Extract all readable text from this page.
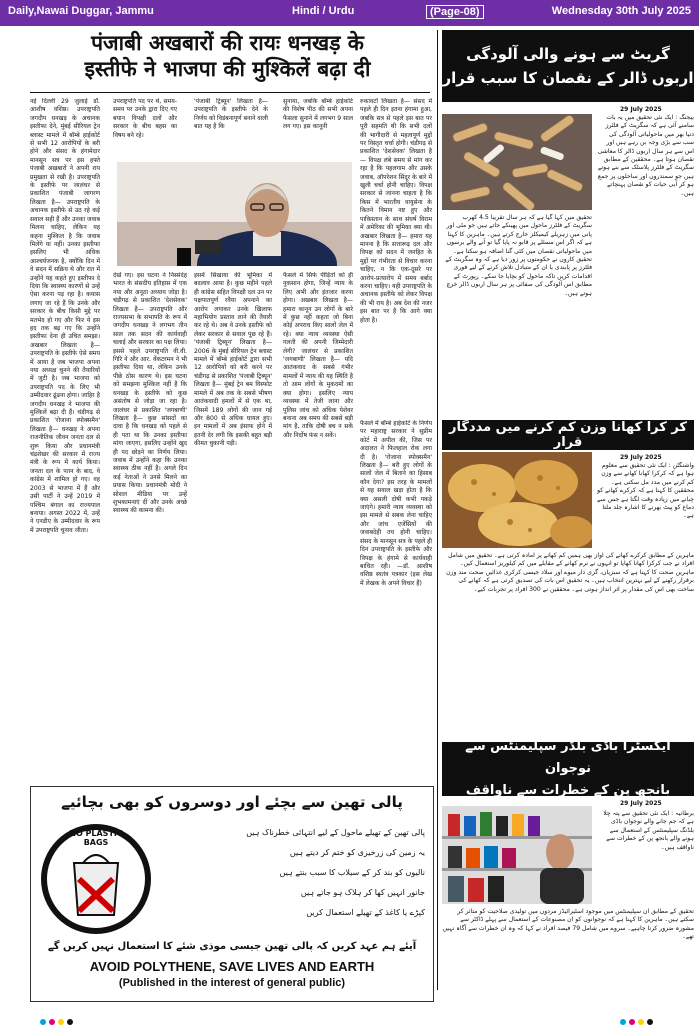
Daily,Nawai Duggar, Jammu	Hindi / Urdu	(Page-08)	Wednesday 30th July 2025
पंजाबी अखबारों की रायः धनखड़ के
इस्तीफे ने भाजपा की मुश्किलें बढ़ा दी
नई दिल्ली 29 जुलाई डॉ. आशीष वशिष्ठ। उपराष्ट्रपति जगदीप धनखड़ के अचानक इस्तीफा देने, मुंबई सीरियल ट्रेन ब्लास्ट मामले में बॉम्बे हाईकोर्ट से सभी 12 आरोपियों के बरी होने और संसद के हंगामेदार मानसून सत्र पर इस हफ्ते पंजाबी अखबारों ने अपनी राय प्रमुखता से रखी है। उपराष्ट्रपति के इस्तीफे पर जालंधर से प्रकाशित पंजाबी जागरण लिखता है— उपराष्ट्रपति के अचानक इस्तीफे से उठ रहे कई सवाल सही हैं और उनका जवाब मिलना चाहिए, लेकिन यह कहना मुश्किल है कि जवाब मिलेंगे या नहीं। उनका इस्तीफा इसलिए भी अधिक आश्चर्यजनक है, क्योंकि दिन में वे सदन में सक्रिय थे और रात में उन्होंने यह कहते हुए इस्तीफा दे दिया कि स्वास्थ्य कारणों से उन्हें ऐसा करना पड़ रहा है। कयास लगाए जा रहे हैं कि उनके और सरकार के बीच किसी मुद्दे पर मतभेद हो गए और फिर ये इस हद तक बढ़ गए कि उन्होंने इस्तीफा देना ही उचित समझा। अखबार लिखता है— उपराष्ट्रपति के इस्तीफे ऐसे समय में आया है जब भाजपा अपना नया अध्यक्ष चुनने की तैयारियों में जुटी है। जब भाजपा को उपराष्ट्रपति पद के लिए भी उम्मीदवार ढूंढना होगा। जाहिर है जगदीप धनखड़ ने भाजपा की मुश्किलें बढ़ा दी हैं। चंडीगढ़ से प्रकाशित 'रोजाना स्पोक्समैन' लिखता है— धनखड़ ने अपना राजनीतिक जीवन जनता दल से शुरू किया और प्रधानमंत्री चंद्रशेखर की सरकार में राज्य मंत्री के रूप में कार्य किया। जनता दल के पतन के बाद, वे कांग्रेस में शामिल हो गए। वह 2003 से भाजपा में हैं और उसी पार्टी ने उन्हें 2019 में पश्चिम बंगाल का राज्यपाल बनाया। अगस्त 2022 में, उन्हें ने एनडीए के उम्मीदवार के रूप में उपराष्ट्रपति चुनाव जीता।
उपराष्ट्रपति पद पर थे, समय-समय पर उनके द्वारा दिए गए बयान विपक्षी दलों और सरकार के बीच बहस का विषय बने रहे।
'पंजाबी ट्रिब्यून' लिखता है— उपराष्ट्रपति के इस्तीफे देने के निर्णय को विडंबनापूर्ण बनाने वाली बात यह है कि
सुनाया, जबकि बॉम्बे हाईकोर्ट की विशेष पीठ की सभी अपना फैसला सुनाने में लगभग 9 साल लग गए। इस कानूनी
रुकावटों लिखता है— संसद में पहले ही दिन इतना हंगामा हुआ, जबकि सत्र से पहले इस बात पर पूरी सहमति थी कि सभी दलों की भागीदारी से महत्वपूर्ण मुद्दों पर विस्तृत चर्चा होगी। चंडीगढ़ से प्रकाशित 'देशसेवक' लिखता है— विपक्ष लंबे समय से मांग कर रहा है कि पहलगाम और उसके जवाब, ऑपरेशन सिंदूर के बारे में खुली चर्चा होनी चाहिए। विपक्ष सरकार से जानना चाहता है कि किस में भारतीय वायुसेना के कितने विमान नष्ट हुए और पाकिस्तान के साथ संघर्ष विराम में अमेरिका की भूमिका क्या थी। अखबार लिखता है— हमारा यह मानना है कि सत्तारूढ़ दल और विपक्ष को सदन में जनहित के मुद्दों पर गंभीरता से विचार करना चाहिए, न कि एक-दूसरे पर आरोप-प्रत्यारोप में समय बर्बाद करना चाहिए। यही उपराष्ट्रपति के अचानक इस्तीफे को लेकर विपक्ष की भी राय है। अब देश की नजर इस बात पर है कि आगे क्या होता है।
देखें गए। इस घटना ने निस्संदेह भारत के संसदीय इतिहास में एक नया और अनूठा अध्याय जोड़ा है। चंडीगढ़ से प्रकाशित 'देशसेवक' लिखता है— उपराष्ट्रपति और राज्यसभा के सभापति के रूप में जगदीप धनखड़ ने लगभग तीन साल तक सदन की कार्यवाही चलाई और सरकार का पक्ष लिया। इससे पहले उपराष्ट्रपति वी.वी. गिरि ने और आर. वेंकटरमन ने भी इस्तीफा दिया था, लेकिन उनके पीछे ठोस कारण थे। इस घटना को समझना मुश्किल नहीं है कि धनखड़ के इस्तीफे को कुछ असंतोष से जोड़ा जा रहा है। जालंधर से प्रकाशित 'जगबाणी' लिखता है— कुछ सांसदों का दावा है कि धनखड़ को पहले से ही पता था कि उनका इस्तीफा मांगा जाएगा, इसलिए उन्होंने खुद ही पद छोड़ने का निर्णय लिया। जवाब में उन्होंने कहा कि उनका स्वास्थ्य ठीक नहीं है। अगले दिन कई नेताओं ने उनसे मिलने का प्रयास किया। प्रधानमंत्री मोदी ने सोशल मीडिया पर उन्हें शुभकामनाएं दीं और उनके अच्छे स्वास्थ्य की कामना की।
इसमें सिखाया की भूमिका में बदलाव आया है। कुछ महीने पहले ही कांग्रेस सहित विपक्षी दल उन पर पक्षपातपूर्ण रवैया अपनाने का आरोप लगाकर उनके खिलाफ महाभियोग प्रस्ताव लाने की तैयारी कर रहे थे। अब वे उनके इस्तीफे को लेकर सरकार से सवाल पूछ रहे हैं। 'पंजाबी ट्रिब्यून' लिखता है— 2006 के मुंबई सीरियल ट्रेन ब्लास्ट मामले में बॉम्बे हाईकोर्ट द्वारा सभी 12 आरोपियों को बरी करने पर चंडीगढ़ से प्रकाशित 'पंजाबी ट्रिब्यून' लिखता है— मुंबई ट्रेन बम विस्फोट मामले में अब तक के सबसे भीषण आतंकवादी हमलों में से एक था, जिसमें 189 लोगों की जान गई और 800 से अधिक घायल हुए। इन मामलों में अब इंसाफ होने में इतनी देर लगी कि इसकी बहुत बड़ी कीमत चुकानी पड़ी।
फैसले में सिर्फ पीड़ितों को ही नुकसान होगा, जिन्हें न्याय के लिए अभी और इंतजार करना होगा। अखबार लिखता है— हमारा कानून उन लोगों के बारे में कुछ नहीं कहता जो बिना कोई अपराध किए सालों जेल में रहे। क्या न्याय व्यवस्था ऐसी गलती की अपनी जिम्मेदारी लेगी? जालंधर से प्रकाशित 'जगबाणी' लिखता है— यदि आतंकवाद के सबसे गंभीर मामलों में न्याय की यह स्थिति है तो आम लोगों के मुकदमों का क्या होगा। इसलिए न्याय व्यवस्था में तेजी लाना और पुलिस जांच को अधिक पेशेवर बनाना अब समय की सबसे बड़ी मांग है, ताकि दोषी बच न सकें और निर्दोष फंस न सकें।
फैसले में बॉम्बे हाईकोर्ट के निर्णय पर महाराष्ट्र सरकार ने सुप्रीम कोर्ट में अपील की, जिस पर अदालत ने फिलहाल रोक लगा दी है। 'रोजाना स्पोक्समैन' लिखता है— बरी हुए लोगों के सालों जेल में बिताने का हिसाब कौन देगा? इस तरह के मामलों से यह सवाल खड़ा होता है कि क्या असली दोषी कभी पकड़े जाएंगे। हमारी न्याय व्यवस्था को इस मामले से सबक लेना चाहिए और जांच एजेंसियों की जवाबदेही तय होनी चाहिए। संसद के मानसून सत्र के पहले ही दिन उपराष्ट्रपति के इस्तीफे और विपक्ष के हंगामे से कार्यवाही बाधित रही। —डॉ. आशीष वशिष्ठ स्वतंत्र पत्रकार (इस लेख में लेखक के अपने विचार हैं)
پالی تھین سے بچئے اور دوسروں کو بھی بچائیے
NO PLASTIC BAGS
پالی تھین کے تھیلے ماحول کے لیے انتہائی خطرناک ہیں
یہ زمین کی زرخیزی کو ختم کر دیتے ہیں
نالیوں کو بند کر کے سیلاب کا سبب بنتے ہیں
جانور انہیں کھا کر ہلاک ہو جاتے ہیں
کپڑے یا کاغذ کے تھیلے استعمال کریں
آیئے ہم عہد کریں کہ پالی تھین جیسی موذی شئے کا استعمال نہیں کریں گے
AVOID POLYTHENE, SAVE LIVES AND EARTH
(Published in the interest of general public)
گریٹ سے ہونے والی آلودگی
اربوں ڈالر کے نقصان کا سبب قرار
29 July 2025
بیجنگ : ایک نئی تحقیق میں یہ بات سامنے آئی ہے کہ سگریٹ کے فلٹرز دنیا بھر میں ماحولیاتی آلودگی کی سب سے بڑی وجہ بن رہے ہیں اور اس سے ہر سال اربوں ڈالر کا معاشی نقصان ہوتا ہے۔ محققین کے مطابق سگریٹ کے فلٹرز پلاسٹک سے بنے ہوتے ہیں جو سمندروں اور ساحلوں پر جمع ہو کر آبی حیات کو نقصان پہنچاتے ہیں۔
تحقیق میں کہا گیا ہے کہ ہر سال تقریباً 4.5 کھرب سگریٹ کے فلٹرز ماحول میں پھینکے جاتے ہیں جو مٹی اور پانی میں زہریلے کیمیکلز خارج کرتے ہیں۔ ماہرین کا کہنا ہے کہ اگر اس مسئلے پر قابو نہ پایا گیا تو آنے والے برسوں میں ماحولیاتی نقصان میں کئی گنا اضافہ ہو سکتا ہے۔ تحقیق کاروں نے حکومتوں پر زور دیا ہے کہ وہ سگریٹ کے فلٹرز پر پابندی یا ان کے متبادل تلاش کرنے کے لیے فوری اقدامات کریں تاکہ ماحول کو بچایا جا سکے۔ رپورٹ کے مطابق اس آلودگی کی صفائی پر ہر سال اربوں ڈالر خرچ ہوتے ہیں۔
کر کرا کھانا وزن کم کرنے میں مددگار قرار
29 July 2025
واشنگٹن : ایک نئی تحقیق سے معلوم ہوا ہے کہ کرکرا کھانا کھانے سے وزن کم کرنے میں مدد مل سکتی ہے۔ محققین کا کہنا ہے کہ کرکرے کھانے کو چبانے میں زیادہ وقت لگتا ہے جس سے دماغ کو پیٹ بھرنے کا اشارہ جلد ملتا ہے۔
ماہرین کے مطابق کرکرے کھانے کی آواز بھی ہمیں کم کھانے پر آمادہ کرتی ہے۔ تحقیق میں شامل افراد نے جب کرکرا کھانا کھایا تو انہوں نے نرم کھانے کے مقابلے میں کم کیلوریز استعمال کیں۔ ماہرین صحت کا کہنا ہے کہ سبزیاں، گری دار میوے اور سلاد جیسی کرکری غذائیں صحت مند وزن برقرار رکھنے کے لیے بہترین انتخاب ہیں۔ یہ تحقیق اس بات کی تصدیق کرتی ہے کہ کھانے کی ساخت بھی اس کی مقدار پر اثر انداز ہوتی ہے۔ محققین نے 300 افراد پر تجربات کیے۔
ایکسٹرا باڈی بلڈر سپلیمنٹس سے نوجوان
بانجھ پن کے خطرات سے ناواقف
29 July 2025
برطانیہ : ایک نئی تحقیق سے پتہ چلا ہے کہ جم جانے والے نوجوان باڈی بلڈنگ سپلیمنٹس کے استعمال سے ہونے والے بانجھ پن کے خطرات سے ناواقف ہیں۔
تحقیق کے مطابق ان سپلیمنٹس میں موجود اسٹیرائیڈز مردوں میں تولیدی صلاحیت کو متاثر کر سکتے ہیں۔ ماہرین کا کہنا ہے کہ نوجوانوں کو ان مصنوعات کے استعمال سے پہلے ڈاکٹر سے مشورہ ضرور کرنا چاہیے۔ سروے میں شامل 79 فیصد افراد نے کہا کہ وہ ان خطرات سے آگاہ نہیں تھے۔
